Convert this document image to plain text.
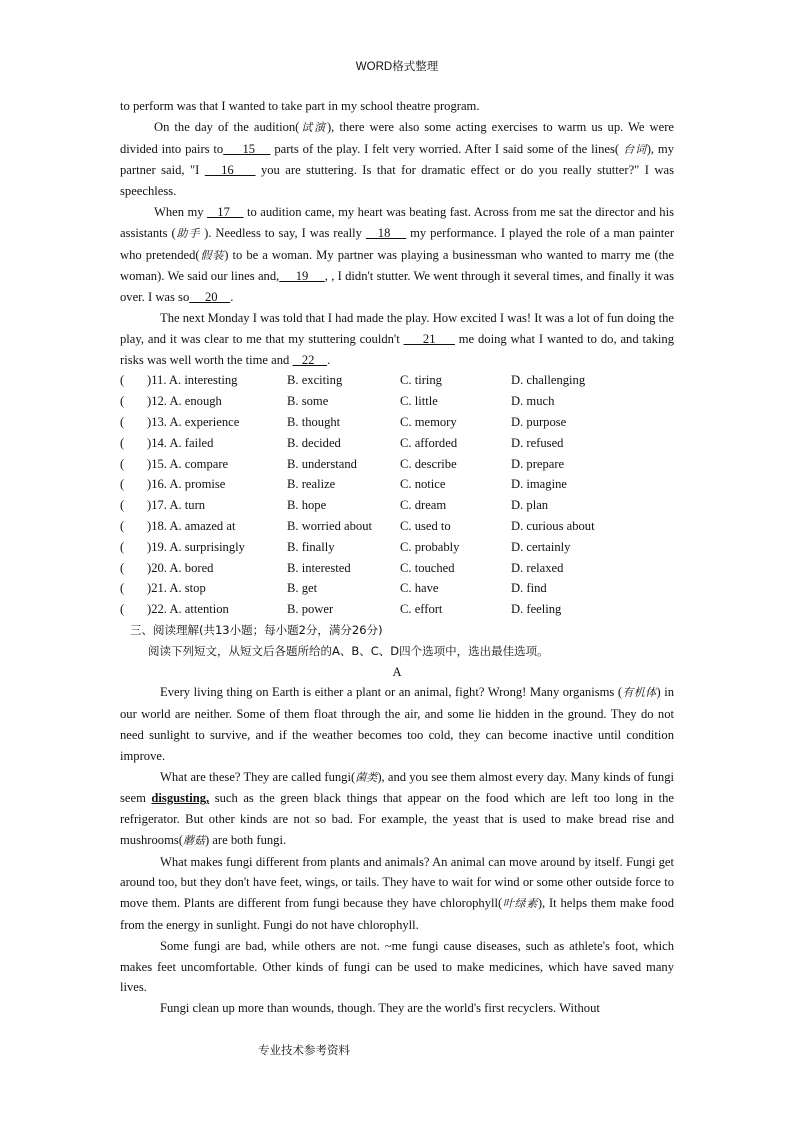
WORD格式整理

to perform was that I wanted to take part in my school theatre program.

On the day of the audition(试演), there were also some acting exercises to warm us up. We were divided into pairs to     15     parts of the play. I felt very worried. After I said some of the lines( 台词), my partner said, "I    16     you are stuttering. Is that for dramatic effect or do you really stutter?" I was speechless.

When my    17     to audition came, my heart was beating fast. Across from me sat the director and his assistants (助手 ). Needless to say, I was really    18     my performance. I played the role of a man painter who pretended(假装) to be a woman. My partner was playing a businessman who wanted to marry me (the woman). We said our lines and,     19     , , I didn't stutter. We went through it several times, and finally it was over. I was so     20    .

The next Monday I was told that I had made the play. How excited I was! It was a lot of fun doing the play, and it was clear to me that my stuttering couldn't      21      me doing what I wanted to do, and taking risks was well worth the time and    22    .

(	)11. A. interesting	B. exciting	C. tiring	D. challenging
(	)12. A. enough	B. some	C. little	D. much
(	)13. A. experience	B. thought	C. memory	D. purpose
(	)14. A. failed	B. decided	C. afforded	D. refused
(	)15. A. compare	B. understand	C. describe	D. prepare
(	)16. A. promise	B. realize	C. notice	D. imagine
(	)17. A. turn	B. hope	C. dream	D. plan
(	)18. A. amazed at	B. worried about	C. used to	D. curious about
(	)19. A. surprisingly	B. finally	C. probably	D. certainly
(	)20. A. bored	B. interested	C. touched	D. relaxed
(	)21. A. stop	B. get	C. have	D. find
(	)22. A. attention	B. power	C. effort	D. feeling

三、阅读理解(共13小题；每小题2分，满分26分)

阅读下列短文，从短文后各题所给的A、B、C、D四个选项中，选出最佳选项。

A

Every living thing on Earth is either a plant or an animal, fight? Wrong! Many organisms (有机体) in our world are neither. Some of them float through the air, and some lie hidden in the ground. They do not need sunlight to survive, and if the weather becomes too cold, they can become inactive until condition improve.

What are these? They are called fungi(菌类), and you see them almost every day. Many kinds of fungi seem disgusting, such as the green black things that appear on the food which are left too long in the refrigerator. But other kinds are not so bad. For example, the yeast that is used to make bread rise and mushrooms(蘑菇) are both fungi.

What makes fungi different from plants and animals? An animal can move around by itself. Fungi get around too, but they don't have feet, wings, or tails. They have to wait for wind or some other outside force to move them. Plants are different from fungi because they have chlorophyll(叶绿素), It helps them make food from the energy in sunlight. Fungi do not have chlorophyll.

Some fungi are bad, while others are not. ~me fungi cause diseases, such as athlete's foot, which makes feet uncomfortable. Other kinds of fungi can be used to make medicines, which have saved many lives.

Fungi clean up more than wounds, though. They are the world's first recyclers. Without

专业技术参考资料
